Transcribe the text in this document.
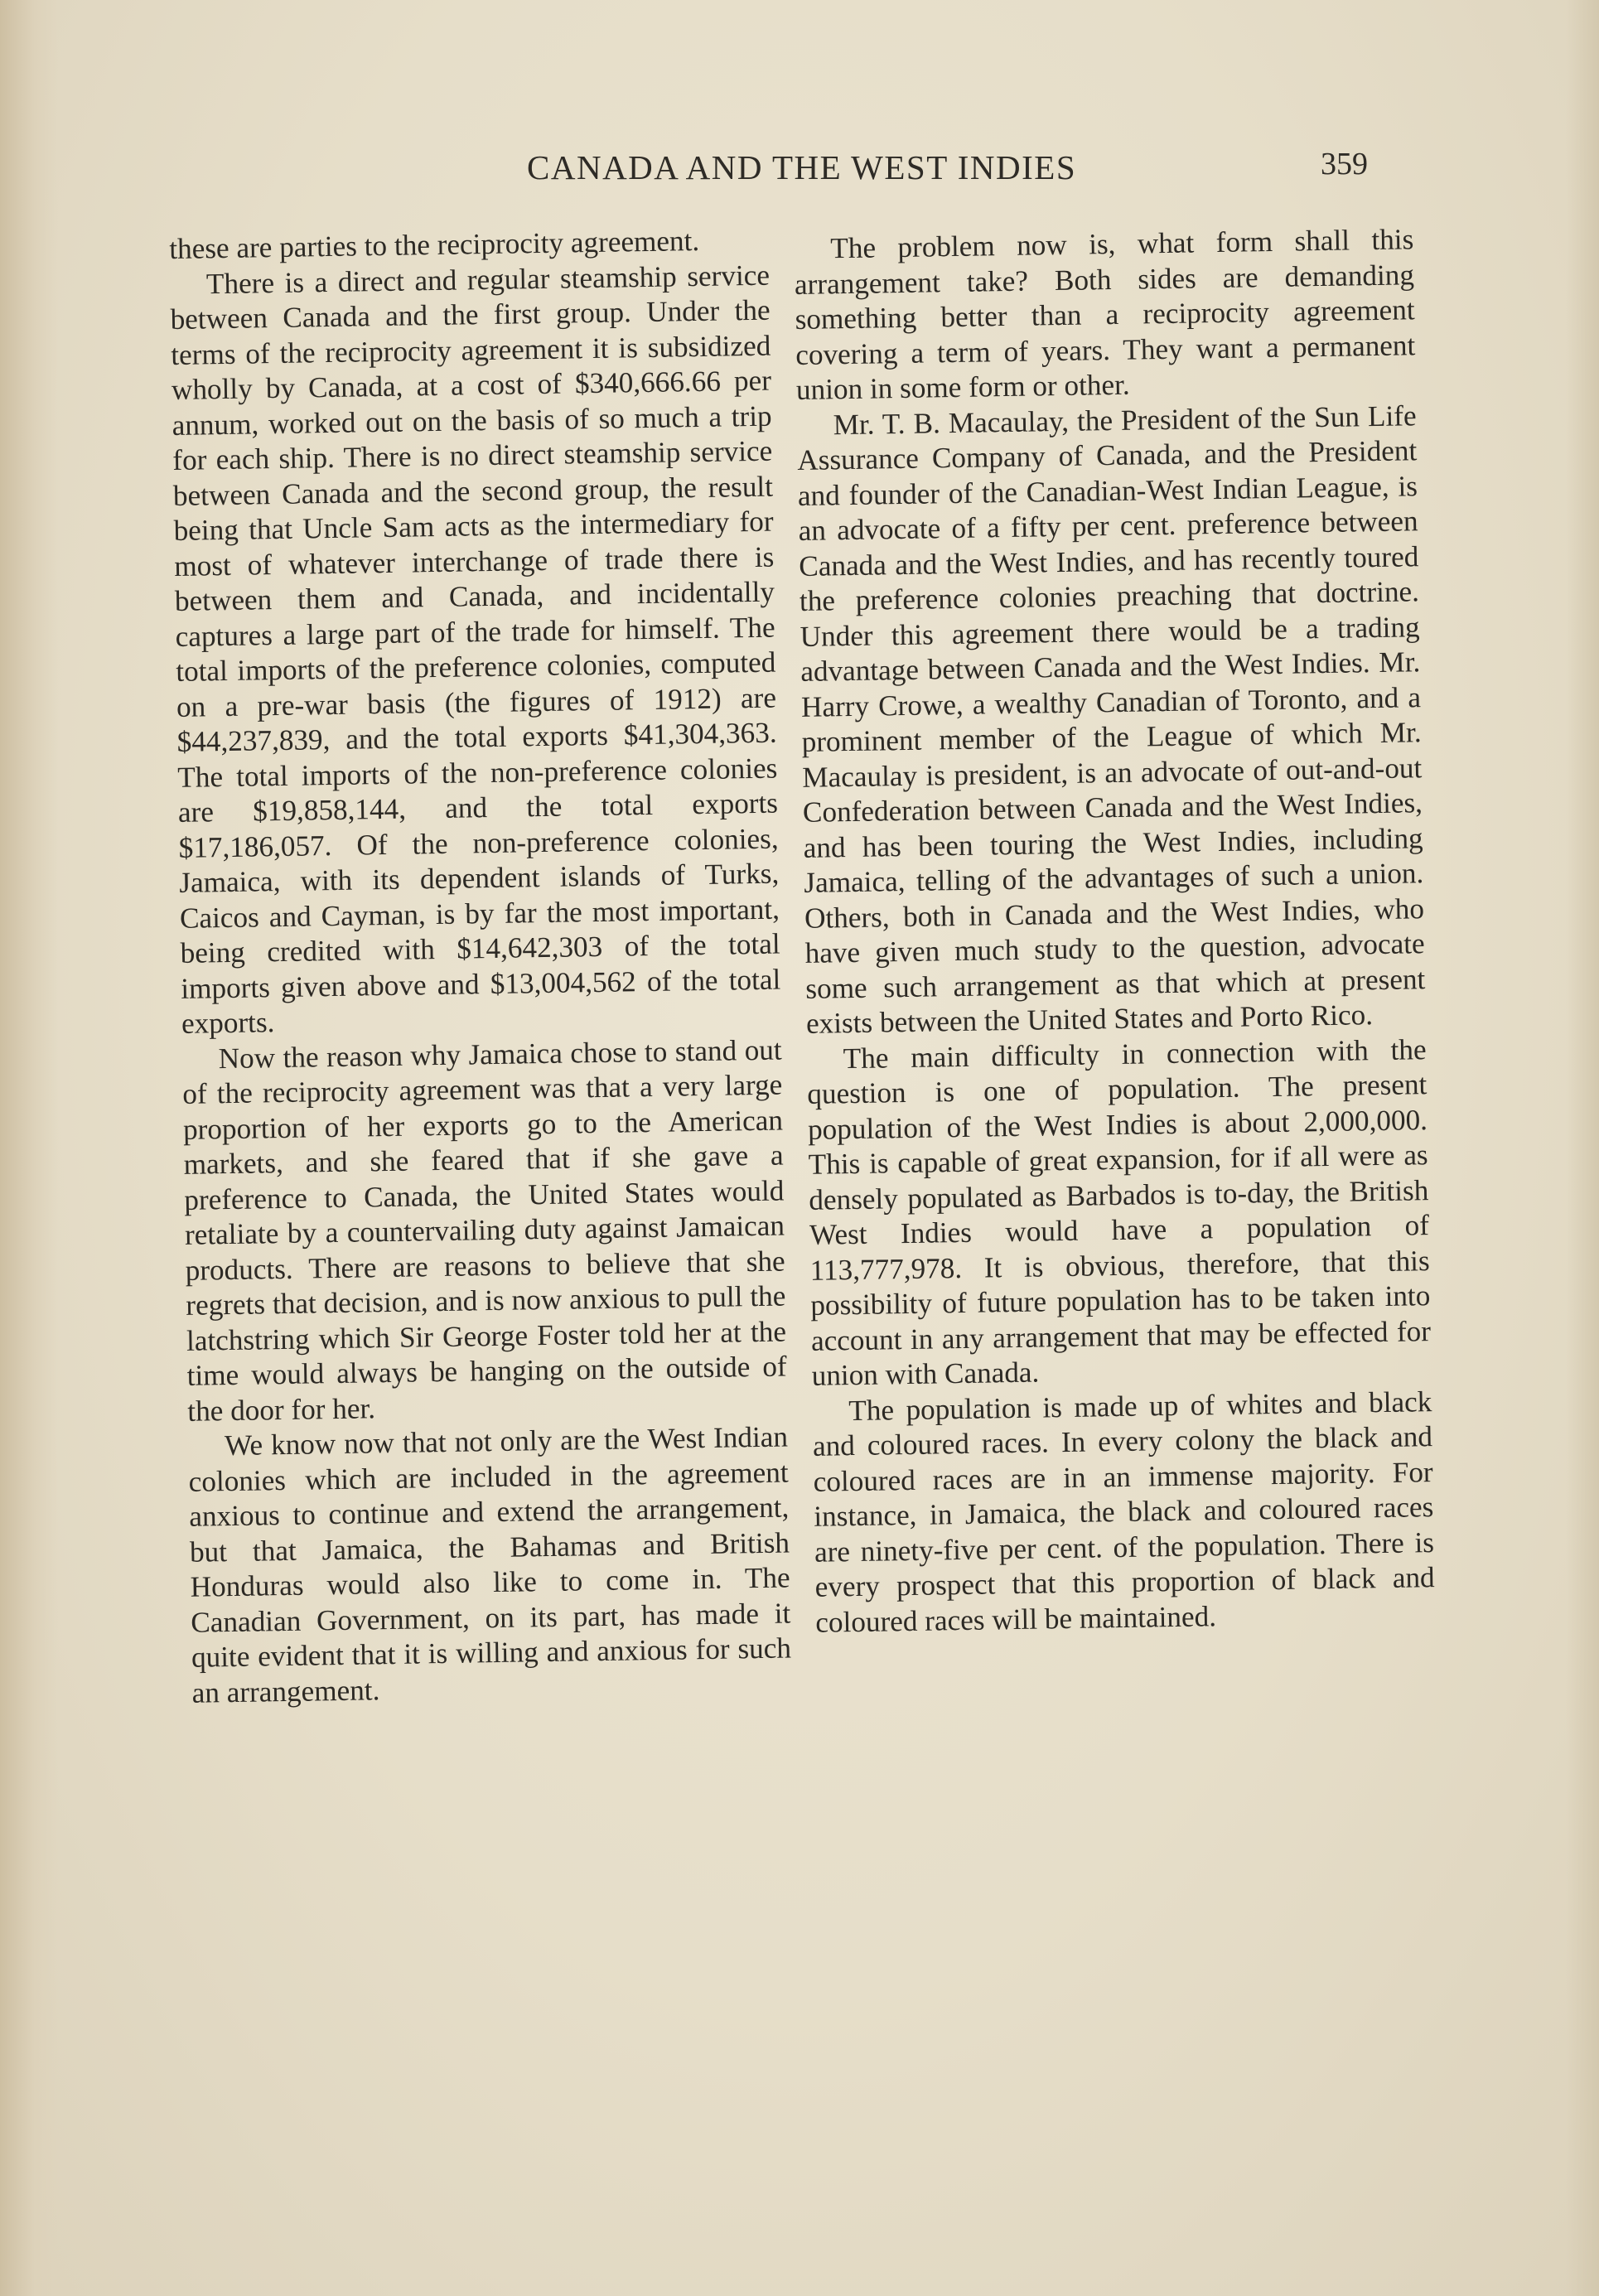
CANADA AND THE WEST INDIES	359

these are parties to the reciprocity agreement.

There is a direct and regular steamship service between Canada and the first group. Under the terms of the reciprocity agreement it is subsidized wholly by Canada, at a cost of $340,666.66 per annum, worked out on the basis of so much a trip for each ship. There is no direct steamship service between Canada and the second group, the result being that Uncle Sam acts as the intermediary for most of whatever interchange of trade there is between them and Canada, and incidentally captures a large part of the trade for himself. The total imports of the preference colonies, computed on a pre-war basis (the figures of 1912) are $44,237,839, and the total exports $41,304,363. The total imports of the non-preference colonies are $19,858,144, and the total exports $17,186,057. Of the non-preference colonies, Jamaica, with its dependent islands of Turks, Caicos and Cayman, is by far the most important, being credited with $14,642,303 of the total imports given above and $13,004,562 of the total exports.

Now the reason why Jamaica chose to stand out of the reciprocity agreement was that a very large proportion of her exports go to the American markets, and she feared that if she gave a preference to Canada, the United States would retaliate by a countervailing duty against Jamaican products. There are reasons to believe that she regrets that decision, and is now anxious to pull the latchstring which Sir George Foster told her at the time would always be hanging on the outside of the door for her.

We know now that not only are the West Indian colonies which are included in the agreement anxious to continue and extend the arrangement, but that Jamaica, the Bahamas and British Honduras would also like to come in. The Canadian Government, on its part, has made it quite evident that it is willing and anxious for such an arrangement.

The problem now is, what form shall this arrangement take? Both sides are demanding something better than a reciprocity agreement covering a term of years. They want a permanent union in some form or other.

Mr. T. B. Macaulay, the President of the Sun Life Assurance Company of Canada, and the President and founder of the Canadian-West Indian League, is an advocate of a fifty per cent. preference between Canada and the West Indies, and has recently toured the preference colonies preaching that doctrine. Under this agreement there would be a trading advantage between Canada and the West Indies. Mr. Harry Crowe, a wealthy Canadian of Toronto, and a prominent member of the League of which Mr. Macaulay is president, is an advocate of out-and-out Confederation between Canada and the West Indies, and has been touring the West Indies, including Jamaica, telling of the advantages of such a union. Others, both in Canada and the West Indies, who have given much study to the question, advocate some such arrangement as that which at present exists between the United States and Porto Rico.

The main difficulty in connection with the question is one of population. The present population of the West Indies is about 2,000,000. This is capable of great expansion, for if all were as densely populated as Barbados is to-day, the British West Indies would have a population of 113,777,978. It is obvious, therefore, that this possibility of future population has to be taken into account in any arrangement that may be effected for union with Canada.

The population is made up of whites and black and coloured races. In every colony the black and coloured races are in an immense majority. For instance, in Jamaica, the black and coloured races are ninety-five per cent. of the population. There is every prospect that this proportion of black and coloured races will be maintained.
